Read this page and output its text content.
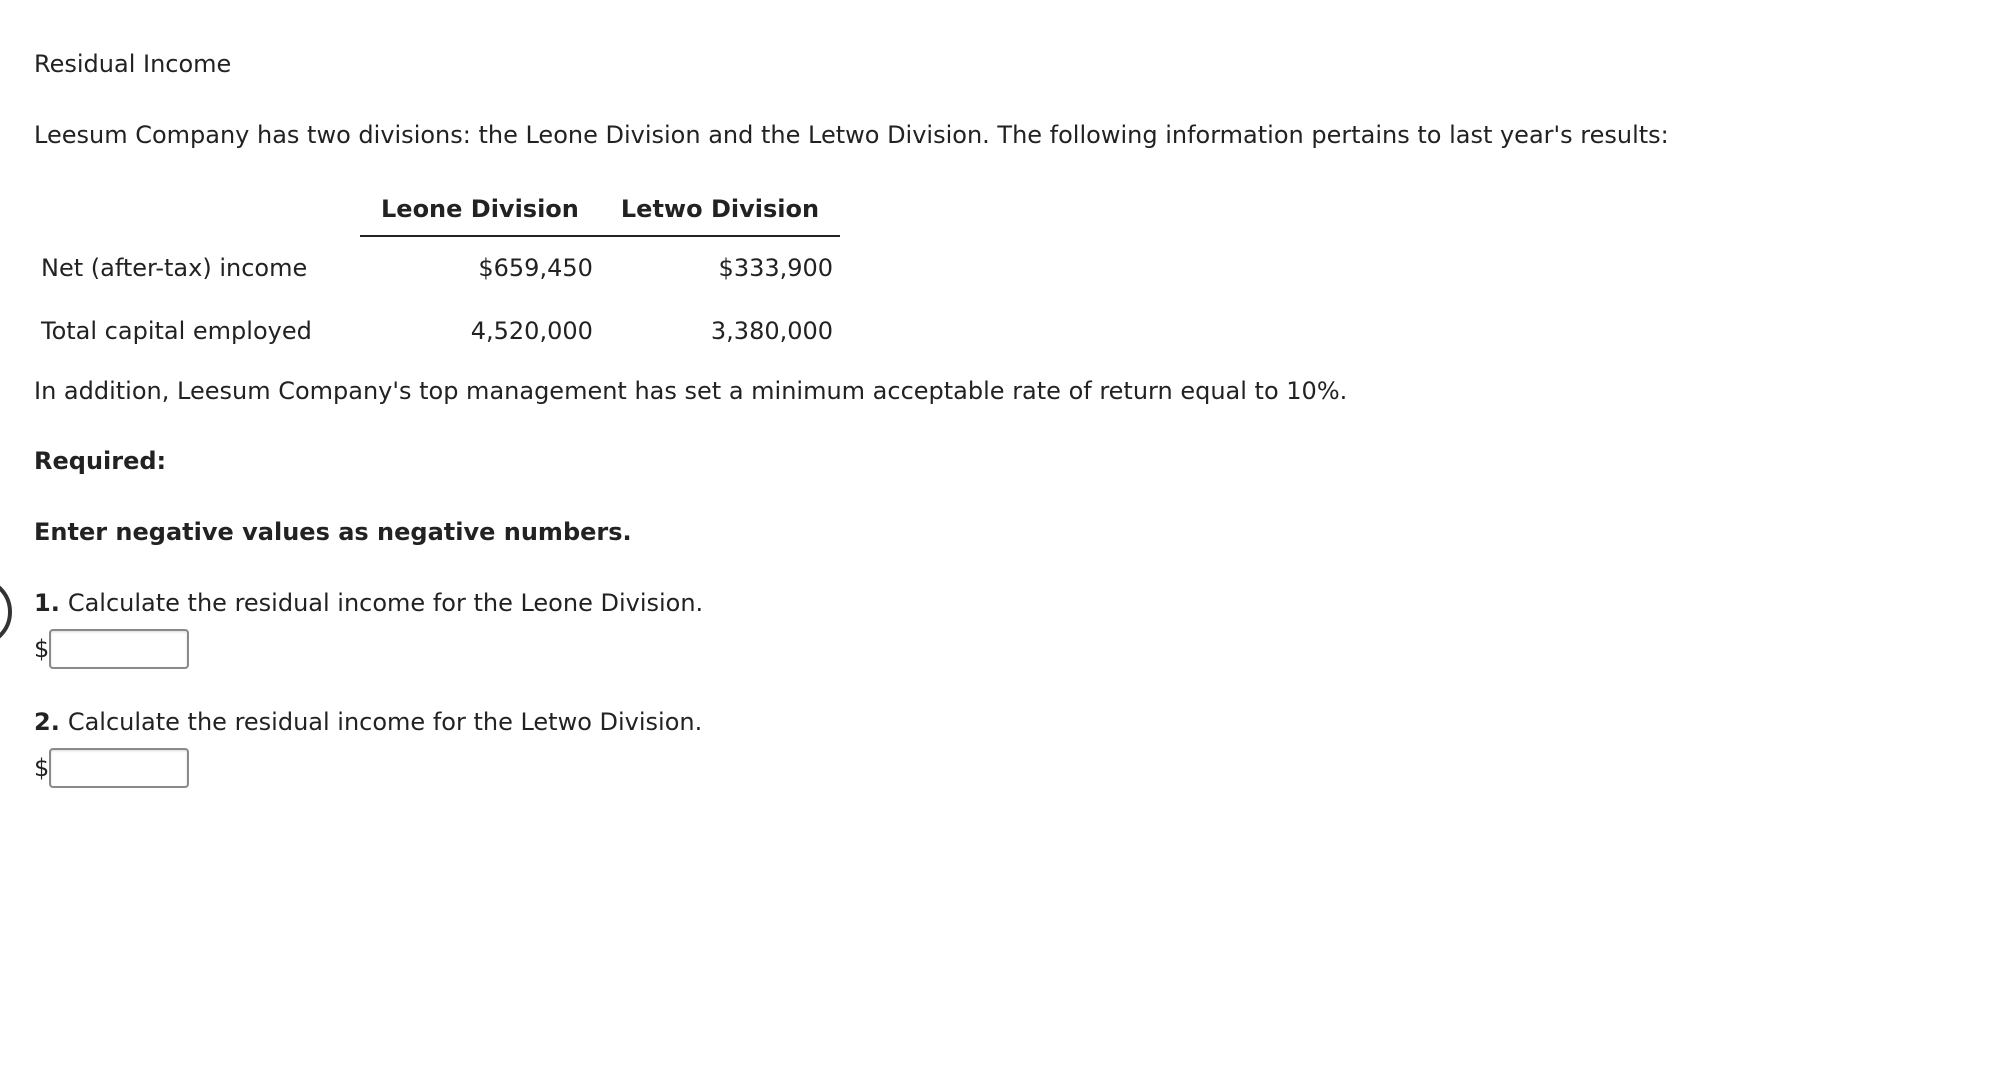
Residual Income

Leesum Company has two divisions: the Leone Division and the Letwo Division. The following information pertains to last year's results:

	Leone Division	Letwo Division
Net (after-tax) income	$659,450	$333,900
Total capital employed	4,520,000	3,380,000

In addition, Leesum Company's top management has set a minimum acceptable rate of return equal to 10%.

Required:

Enter negative values as negative numbers.

1. Calculate the residual income for the Leone Division.

$

2. Calculate the residual income for the Letwo Division.

$
